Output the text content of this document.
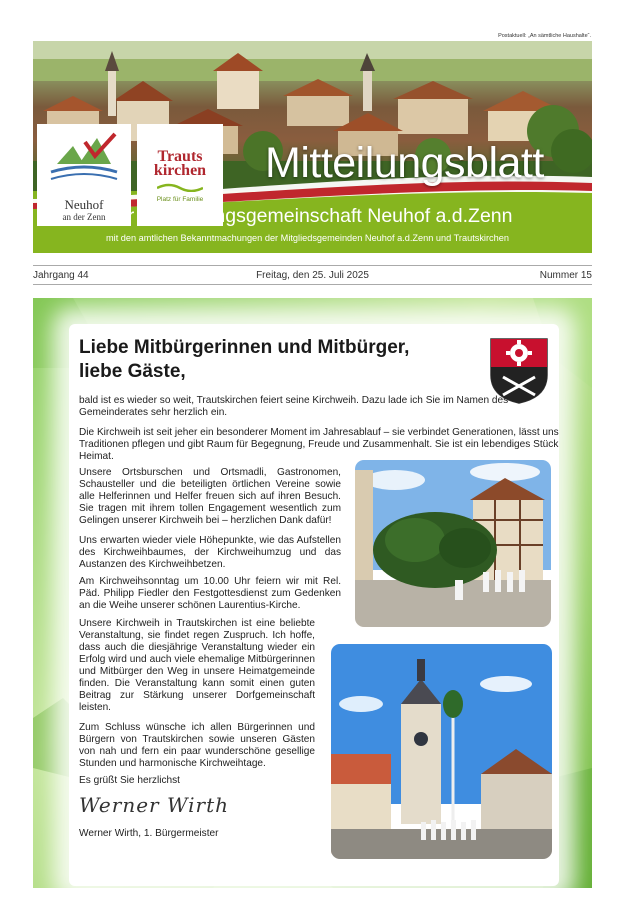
Postaktuell: „An sämtliche Haushalte“.
Neuhof
an der Zenn
Trauts
kirchen
Platz für Familie
Mitteilungsblatt
der Verwaltungsgemeinschaft Neuhof a.d.Zenn
mit den amtlichen Bekanntmachungen der Mitgliedsgemeinden Neuhof a.d.Zenn und Trautskirchen
Jahrgang 44	Freitag, den 25. Juli 2025	Nummer 15
Liebe Mitbürgerinnen und Mitbürger,
liebe Gäste,
bald ist es wieder so weit, Trautskirchen feiert seine Kirchweih. Dazu lade ich Sie im Namen des Gemeinderates sehr herzlich ein.
Die Kirchweih ist seit jeher ein besonderer Moment im Jahresablauf – sie verbindet Generationen, lässt uns Traditionen pflegen und gibt Raum für Begegnung, Freude und Zusammenhalt. Sie ist ein lebendiges Stück Heimat.
Unsere Ortsburschen und Ortsmadli, Gastronomen, Schausteller und die beteiligten örtlichen Vereine sowie alle Helferinnen und Helfer freuen sich auf ihren Besuch. Sie tragen mit ihrem tollen Engagement wesentlich zum Gelingen unserer Kirchweih bei – herzlichen Dank dafür!
Uns erwarten wieder viele Höhepunkte, wie das Aufstellen des Kirchweihbaumes, der Kirchweihumzug und das Austanzen des Kirchweihbetzen.
Am Kirchweihsonntag um 10.00 Uhr feiern wir mit Rel. Päd. Philipp Fiedler den Festgottesdienst zum Gedenken an die Weihe unserer schönen Laurentius-Kirche.
Unsere Kirchweih in Trautskirchen ist eine beliebte Veranstaltung, sie findet regen Zuspruch. Ich hoffe, dass auch die diesjährige Veranstaltung wieder ein Erfolg wird und auch viele ehemalige Mitbürgerinnen und Mitbürger den Weg in unsere Heimatgemeinde finden. Die Veranstaltung kann somit einen guten Beitrag zur Stärkung unserer Dorfgemeinschaft leisten.
Zum Schluss wünsche ich allen Bürgerinnen und Bürgern von Trautskirchen sowie unseren Gästen von nah und fern ein paar wunderschöne gesellige Stunden und harmonische Kirchweihtage.
Es grüßt Sie herzlichst
Werner Wirth
Werner Wirth, 1. Bürgermeister
